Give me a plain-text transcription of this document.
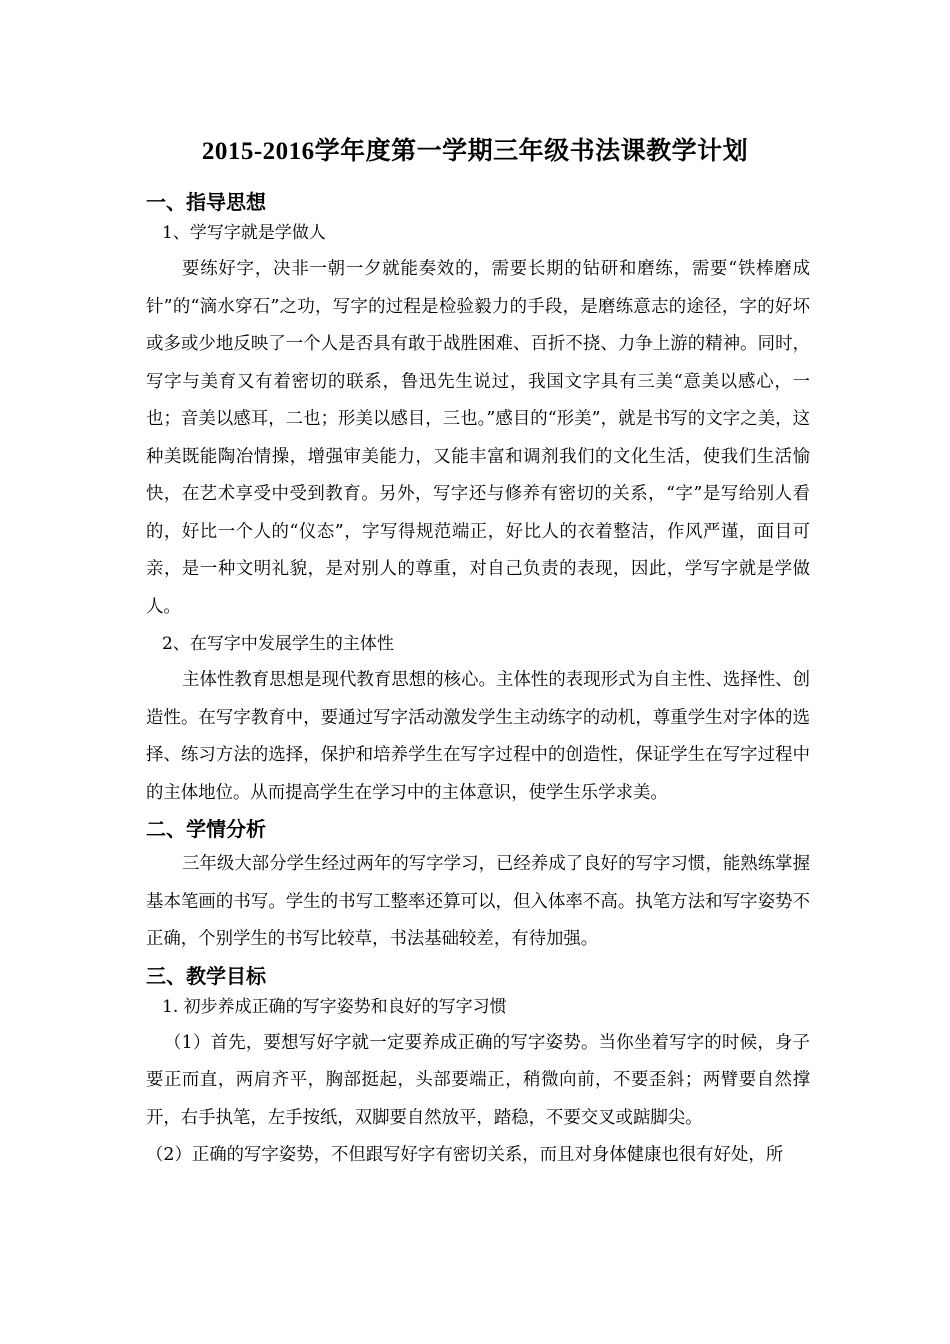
2015-2016学年度第一学期三年级书法课教学计划
一、指导思想
1、学写字就是学做人

要练好字，决非一朝一夕就能奏效的，需要长期的钻研和磨练，需要“铁棒磨成针”的“滴水穿石”之功，写字的过程是检验毅力的手段，是磨练意志的途径，字的好坏或多或少地反映了一个人是否具有敢于战胜困难、百折不挠、力争上游的精神。同时，写字与美育又有着密切的联系，鲁迅先生说过，我国文字具有三美“意美以感心，一也；音美以感耳，二也；形美以感目，三也。”感目的“形美”，就是书写的文字之美，这种美既能陶冶情操，增强审美能力，又能丰富和调剂我们的文化生活，使我们生活愉快，在艺术享受中受到教育。另外，写字还与修养有密切的关系，“字”是写给别人看的，好比一个人的“仪态”，字写得规范端正，好比人的衣着整洁，作风严谨，面目可亲，是一种文明礼貌，是对别人的尊重，对自己负责的表现，因此，学写字就是学做人。

2、在写字中发展学生的主体性

主体性教育思想是现代教育思想的核心。主体性的表现形式为自主性、选择性、创造性。在写字教育中，要通过写字活动激发学生主动练字的动机，尊重学生对字体的选择、练习方法的选择，保护和培养学生在写字过程中的创造性，保证学生在写字过程中的主体地位。从而提高学生在学习中的主体意识，使学生乐学求美。

二、学情分析

三年级大部分学生经过两年的写字学习，已经养成了良好的写字习惯，能熟练掌握基本笔画的书写。学生的书写工整率还算可以，但入体率不高。执笔方法和写字姿势不正确，个别学生的书写比较草，书法基础较差，有待加强。

三、教学目标
1. 初步养成正确的写字姿势和良好的写字习惯

（1）首先，要想写好字就一定要养成正确的写字姿势。当你坐着写字的时候，身子要正而直，两肩齐平，胸部挺起，头部要端正，稍微向前，不要歪斜；两臂要自然撑开，右手执笔，左手按纸，双脚要自然放平，踏稳，不要交叉或踮脚尖。

（2）正确的写字姿势，不但跟写好字有密切关系，而且对身体健康也很有好处，所
